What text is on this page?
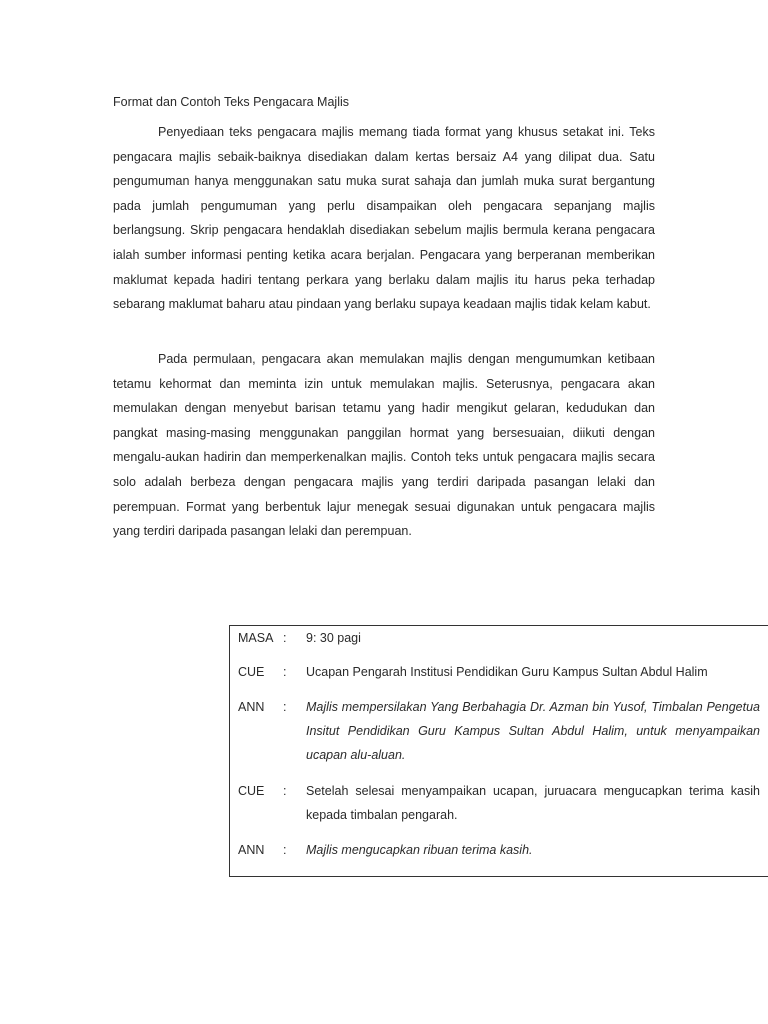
Format dan Contoh Teks Pengacara Majlis

Penyediaan teks pengacara majlis memang tiada format yang khusus setakat ini. Teks pengacara majlis sebaik-baiknya disediakan dalam kertas bersaiz A4 yang dilipat dua. Satu pengumuman hanya menggunakan satu muka surat sahaja dan jumlah muka surat bergantung pada jumlah pengumuman yang perlu disampaikan oleh pengacara sepanjang majlis berlangsung. Skrip pengacara hendaklah disediakan sebelum majlis bermula kerana pengacara ialah sumber informasi penting ketika acara berjalan. Pengacara yang berperanan memberikan maklumat kepada hadiri tentang perkara yang berlaku dalam majlis itu harus peka terhadap sebarang maklumat baharu atau pindaan yang berlaku supaya keadaan majlis tidak kelam kabut.

Pada permulaan, pengacara akan memulakan majlis dengan mengumumkan ketibaan tetamu kehormat dan meminta izin untuk memulakan majlis. Seterusnya, pengacara akan memulakan dengan menyebut barisan tetamu yang hadir mengikut gelaran, kedudukan dan pangkat masing-masing menggunakan panggilan hormat yang bersesuaian, diikuti dengan mengalu-aukan hadirin dan memperkenalkan majlis. Contoh teks untuk pengacara majlis secara solo adalah berbeza dengan pengacara majlis yang terdiri daripada pasangan lelaki dan perempuan. Format yang berbentuk lajur menegak sesuai digunakan untuk pengacara majlis yang terdiri daripada pasangan lelaki dan perempuan.

MASA : 9: 30 pagi
CUE : Ucapan Pengarah Institusi Pendidikan Guru Kampus Sultan Abdul Halim
ANN : Majlis mempersilakan Yang Berbahagia Dr. Azman bin Yusof, Timbalan Pengetua Insitut Pendidikan Guru Kampus Sultan Abdul Halim, untuk menyampaikan ucapan alu-aluan.
CUE : Setelah selesai menyampaikan ucapan, juruacara mengucapkan terima kasih kepada timbalan pengarah.
ANN : Majlis mengucapkan ribuan terima kasih.
